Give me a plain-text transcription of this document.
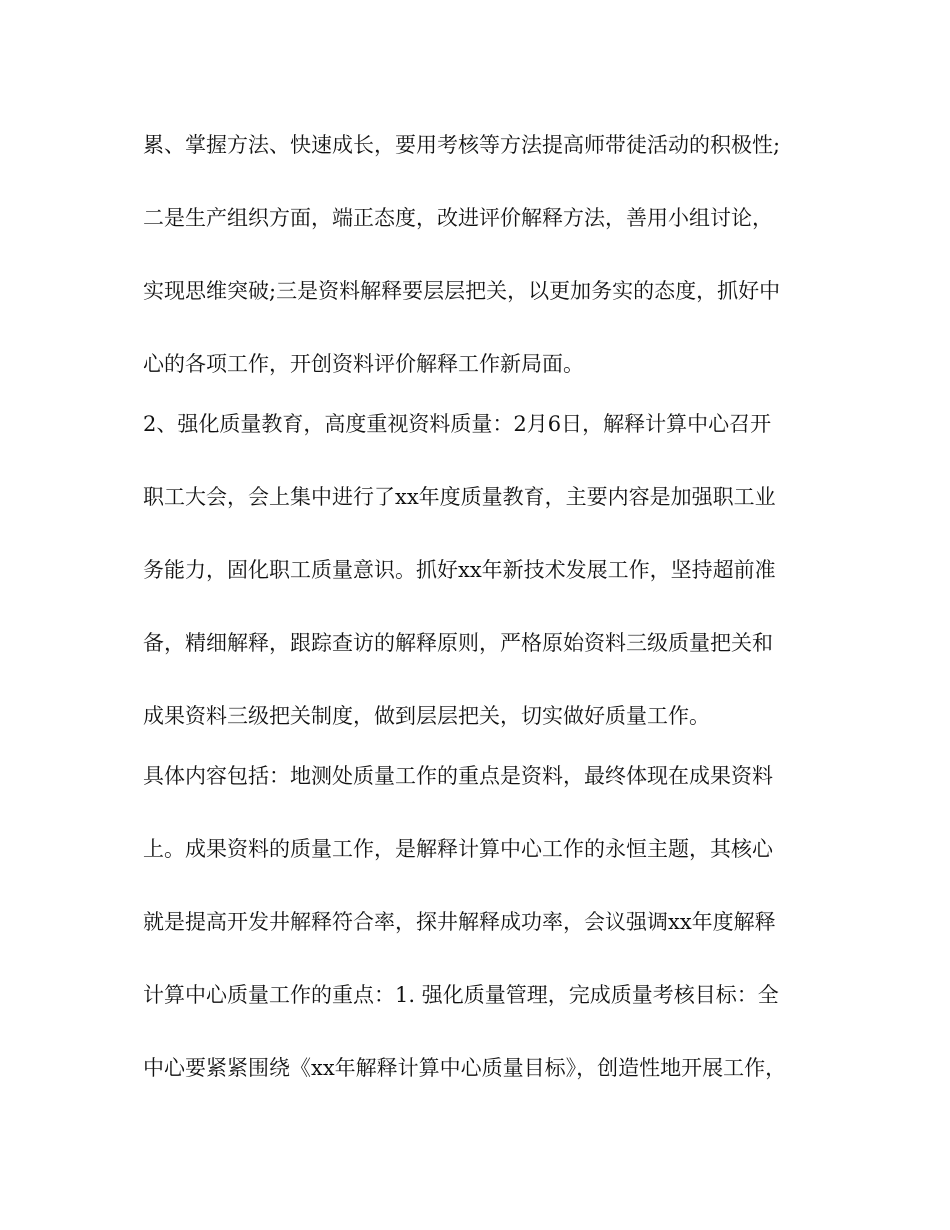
累、掌握方法、快速成长，要用考核等方法提高师带徒活动的积极性;
二是生产组织方面，端正态度，改进评价解释方法，善用小组讨论，
实现思维突破;三是资料解释要层层把关，以更加务实的态度，抓好中
心的各项工作，开创资料评价解释工作新局面。
2、强化质量教育，高度重视资料质量：2月6日，解释计算中心召开
职工大会，会上集中进行了xx年度质量教育，主要内容是加强职工业
务能力，固化职工质量意识。抓好xx年新技术发展工作，坚持超前准
备，精细解释，跟踪查访的解释原则，严格原始资料三级质量把关和
成果资料三级把关制度，做到层层把关，切实做好质量工作。
具体内容包括：地测处质量工作的重点是资料，最终体现在成果资料
上。成果资料的质量工作，是解释计算中心工作的永恒主题，其核心
就是提高开发井解释符合率，探井解释成功率，会议强调xx年度解释
计算中心质量工作的重点：1. 强化质量管理，完成质量考核目标：全
中心要紧紧围绕《xx年解释计算中心质量目标》，创造性地开展工作，
